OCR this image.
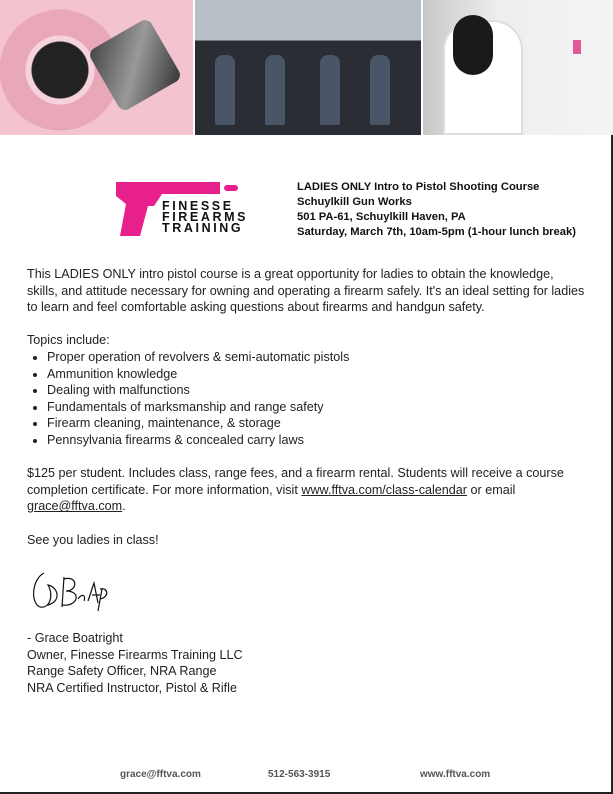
FINESSE
FIREARMS
TRAINING
LADIES ONLY Intro to Pistol Shooting Course
Schuylkill Gun Works
501 PA-61, Schuylkill Haven, PA
Saturday, March 7th, 10am-5pm (1-hour lunch break)

This LADIES ONLY intro pistol course is a great opportunity for ladies to obtain the knowledge, skills, and attitude necessary for owning and operating a firearm safely. It's an ideal setting for ladies to learn and feel comfortable asking questions about firearms and handgun safety.

Topics include:
• Proper operation of revolvers & semi-automatic pistols
• Ammunition knowledge
• Dealing with malfunctions
• Fundamentals of marksmanship and range safety
• Firearm cleaning, maintenance, & storage
• Pennsylvania firearms & concealed carry laws

$125 per student. Includes class, range fees, and a firearm rental. Students will receive a course completion certificate. For more information, visit www.fftva.com/class-calendar or email grace@fftva.com.

See you ladies in class!

- Grace Boatright
Owner, Finesse Firearms Training LLC
Range Safety Officer, NRA Range
NRA Certified Instructor, Pistol & Rifle
grace@fftva.com	512-563-3915	www.fftva.com
